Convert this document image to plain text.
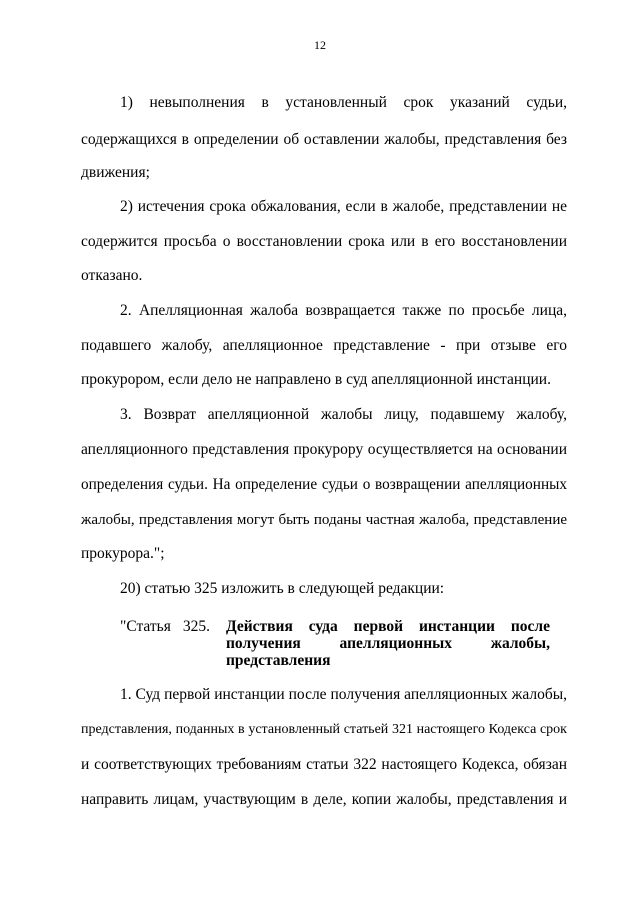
12
1) невыполнения в установленный срок указаний судьи,
содержащихся в определении об оставлении жалобы, представления без
движения;
2) истечения срока обжалования, если в жалобе, представлении не
содержится просьба о восстановлении срока или в его восстановлении
отказано.
2. Апелляционная жалоба возвращается также по просьбе лица,
подавшего жалобу, апелляционное представление - при отзыве его
прокурором, если дело не направлено в суд апелляционной инстанции.
3. Возврат апелляционной жалобы лицу, подавшему жалобу,
апелляционного представления прокурору осуществляется на основании
определения судьи. На определение судьи о возвращении апелляционных
жалобы, представления могут быть поданы частная жалоба, представление
прокурора.";
20) статью 325 изложить в следующей редакции:
"Статья 325.	Действия суда первой инстанции после
получения апелляционных жалобы,
представления
1. Суд первой инстанции после получения апелляционных жалобы,
представления, поданных в установленный статьей 321 настоящего Кодекса срок
и соответствующих требованиям статьи 322 настоящего Кодекса, обязан
направить лицам, участвующим в деле, копии жалобы, представления и
